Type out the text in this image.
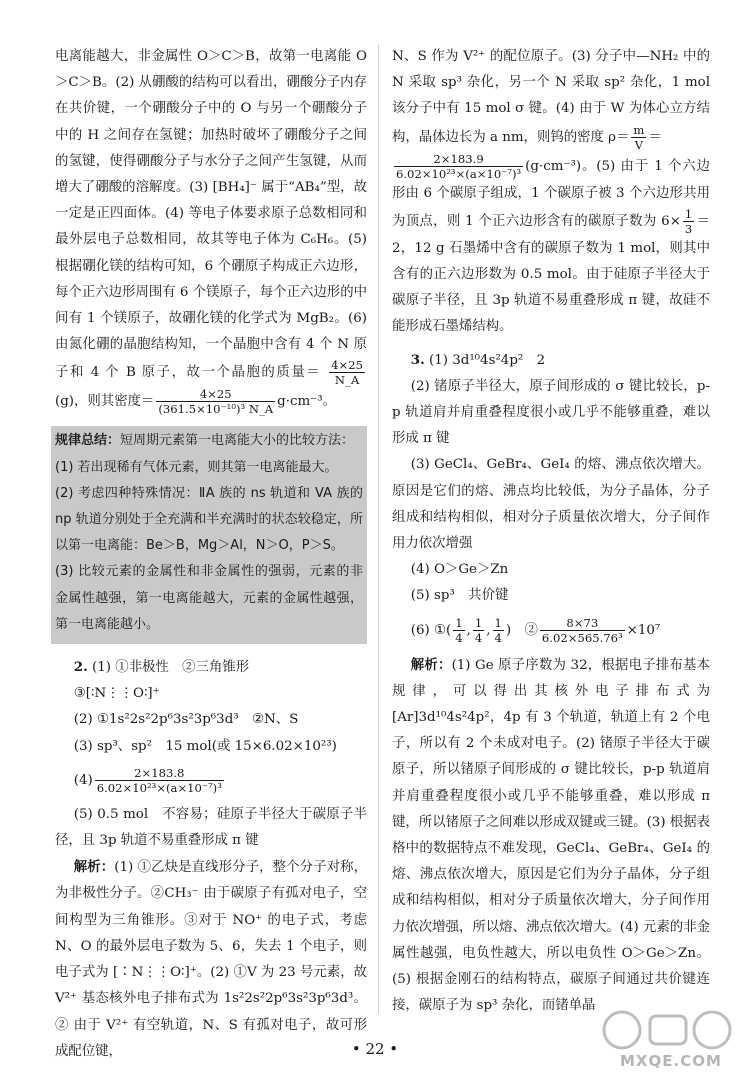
电离能越大，非金属性 O＞C＞B，故第一电离能 O＞C＞B。(2) 从硼酸的结构可以看出，硼酸分子内存在共价键，一个硼酸分子中的 O 与另一个硼酸分子中的 H 之间存在氢键；加热时破坏了硼酸分子之间的氢键，使得硼酸分子与水分子之间产生氢键，从而增大了硼酸的溶解度。(3) [BH₄]⁻ 属于“AB₄”型，故一定是正四面体。(4) 等电子体要求原子总数相同和最外层电子总数相同，故其等电子体为 C₆H₆。(5) 根据硼化镁的结构可知，6 个硼原子构成正六边形，每个正六边形周围有 6 个镁原子，每个正六边形的中间有 1 个镁原子，故硼化镁的化学式为 MgB₂。(6) 由氮化硼的晶胞结构知，一个晶胞中含有 4 个 N 原子和 4 个 B 原子，故一个晶胞的质量＝ $\frac{4\times 25}{N\_A}$
(g)，则其密度＝ $\frac{4\times 25}{\text{(361.5×10⁻¹⁰)³ N\_A}} g\cdot cm^{-3}$。

规律总结：短周期元素第一电离能大小的比较方法：
(1) 若出现稀有气体元素，则其第一电离能最大。
(2) 考虑四种特殊情况：ⅡA 族的 ns 轨道和 VA 族的 np 轨道分别处于全充满和半充满时的状态较稳定，所以第一电离能：Be＞B，Mg＞Al，N＞O，P＞S。
(3) 比较元素的金属性和非金属性的强弱，元素的非金属性越强，第一电离能越大，元素的金属性越强，第一电离能越小。

2. (1) ①非极性　②三角锥形

③[∶N⋮⋮O∶]⁺

(2) ①1s²2s²2p⁶3s²3p⁶3d³　②N、S

(3) sp³、sp²　15 mol(或 15×6.02×10²³)

$(4) \frac{2\times 183.8}{\text{6.02×10²³×(a×10⁻⁷)³}}$

(5) 0.5 mol　不容易；硅原子半径大于碳原子半径，且 3p 轨道不易重叠形成 π 键

解析：(1) ①乙炔是直线形分子，整个分子对称，为非极性分子。②CH₃⁻ 由于碳原子有孤对电子，空间构型为三角锥形。③对于 NO⁺ 的电子式，考虑 N、O 的最外层电子数为 5、6，失去 1 个电子，则电子式为 [∶N⋮⋮O∶]⁺。(2) ①V 为 23 号元素，故 V²⁺ 基态核外电子排布式为 1s²2s²2p⁶3s²3p⁶3d³。② 由于 V²⁺ 有空轨道，N、S 有孤对电子，故可形成配位键，

N、S 作为 V²⁺ 的配位原子。(3) 分子中—NH₂ 中的 N 采取 sp³ 杂化，另一个 N 采取 sp² 杂化，1 mol 该分子中有 15 mol σ 键。(4) 由于 W 为体心立方结构，晶体边长为 a nm，则钨的密度 $\rho= \frac{m}{V}$ ＝

$\frac{2\times 183.9}{\text{6.02×10²³×(a×10⁻⁷)³}} (g\cdot cm^{-3})$。(5) 由于 1 个六边形由 6 个碳原子组成，1 个碳原子被 3 个六边形共用为顶点，则 1 个正六边形含有的碳原子数为 $6\times \frac{1}{3} =2$，12 g 石墨烯中含有的碳原子数为 1 mol，则其中含有的正六边形数为 0.5 mol。由于硅原子半径大于碳原子半径，且 3p 轨道不易重叠形成 π 键，故硅不能形成石墨烯结构。

3. (1) 3d¹⁰4s²4p²　2

(2) 锗原子半径大，原子间形成的 σ 键比较长，p-p 轨道肩并肩重叠程度很小或几乎不能够重叠，难以形成 π 键

(3) GeCl₄、GeBr₄、GeI₄ 的熔、沸点依次增大。原因是它们的熔、沸点均比较低，为分子晶体，分子组成和结构相似，相对分子质量依次增大，分子间作用力依次增强

(4) O＞Ge＞Zn

(5) sp³　共价键

(6) ①( $\frac{1}{4}$ , $\frac{1}{4}$ , $\frac{1}{4}$ )　② $\frac{8\times 73}{\text{6.02×565.76³}} \times 10^7$

解析：(1) Ge 原子序数为 32，根据电子排布基本规律，可以得出其核外电子排布式为 [Ar]3d¹⁰4s²4p²，4p 有 3 个轨道，轨道上有 2 个电子，所以有 2 个未成对电子。(2) 锗原子半径大于碳原子，所以锗原子间形成的 σ 键比较长，p-p 轨道肩并肩重叠程度很小或几乎不能够重叠，难以形成 π 键，所以锗原子之间难以形成双键或三键。(3) 根据表格中的数据特点不难发现，GeCl₄、GeBr₄、GeI₄ 的熔、沸点依次增大，原因是它们为分子晶体，分子组成和结构相似，相对分子质量依次增大，分子间作用力依次增强，所以熔、沸点依次增大。(4) 元素的非金属性越强，电负性越大，所以电负性 O＞Ge＞Zn。(5) 根据金刚石的结构特点，碳原子间通过共价键连接，碳原子为 sp³ 杂化，而锗单晶

• 22 •
MXQE.COM
